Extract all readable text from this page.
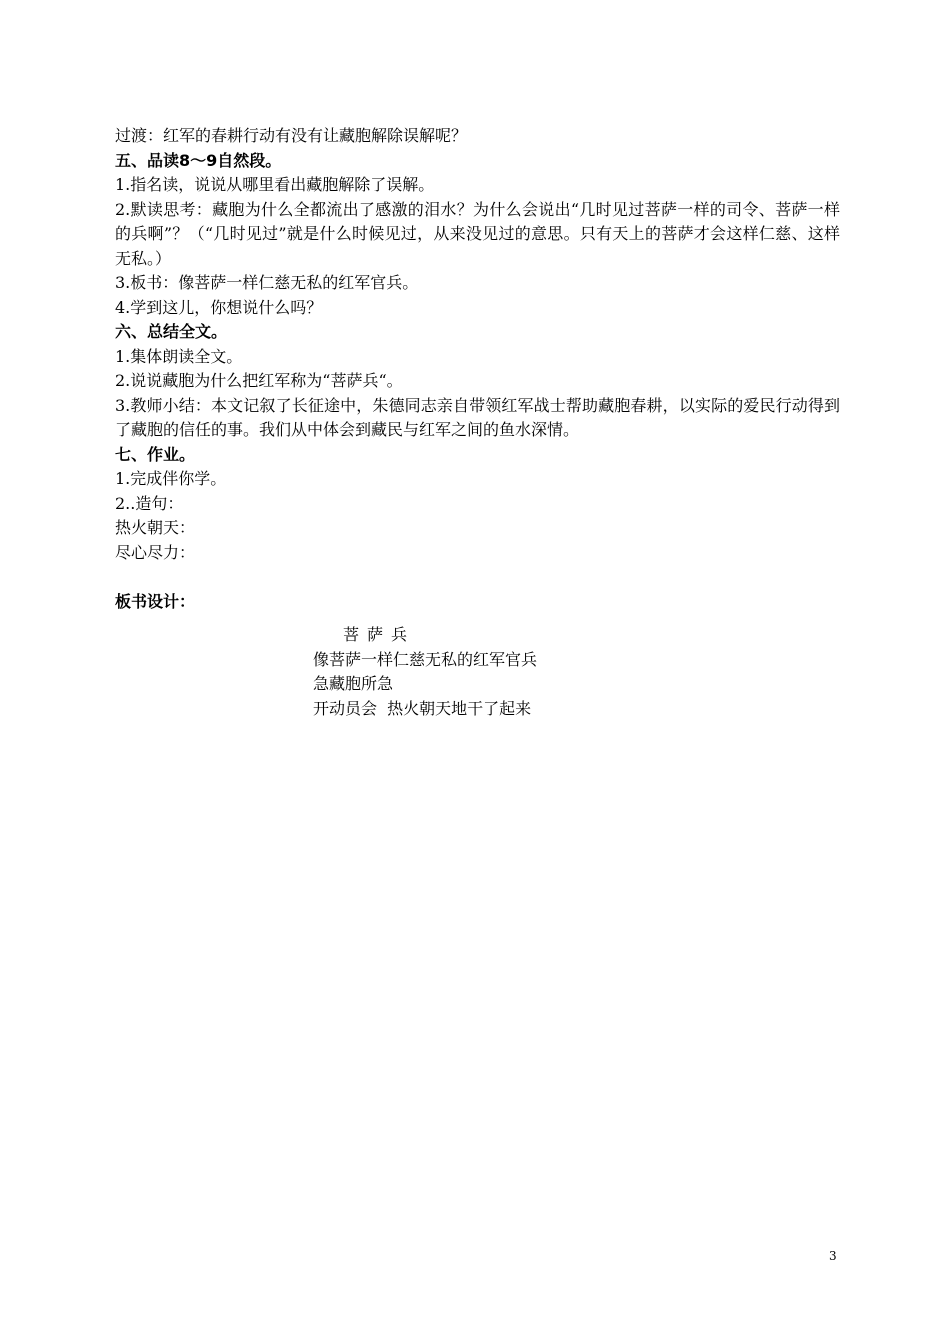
过渡：红军的春耕行动有没有让藏胞解除误解呢？
五、品读8～9自然段。
1.指名读，说说从哪里看出藏胞解除了误解。
2.默读思考：藏胞为什么全都流出了感激的泪水？为什么会说出“几时见过菩萨一样的司令、菩萨一样的兵啊”？（“几时见过”就是什么时候见过，从来没见过的意思。只有天上的菩萨才会这样仁慈、这样无私。）
3.板书：像菩萨一样仁慈无私的红军官兵。
4.学到这儿，你想说什么吗？
六、总结全文。
1.集体朗读全文。
2.说说藏胞为什么把红军称为“菩萨兵“。
3.教师小结：本文记叙了长征途中，朱德同志亲自带领红军战士帮助藏胞春耕，以实际的爱民行动得到了藏胞的信任的事。我们从中体会到藏民与红军之间的鱼水深情。
七、作业。
1.完成伴你学。
2..造句：
热火朝天：
尽心尽力：
板书设计：
菩萨兵
像菩萨一样仁慈无私的红军官兵
急藏胞所急
开动员会  热火朝天地干了起来
3
